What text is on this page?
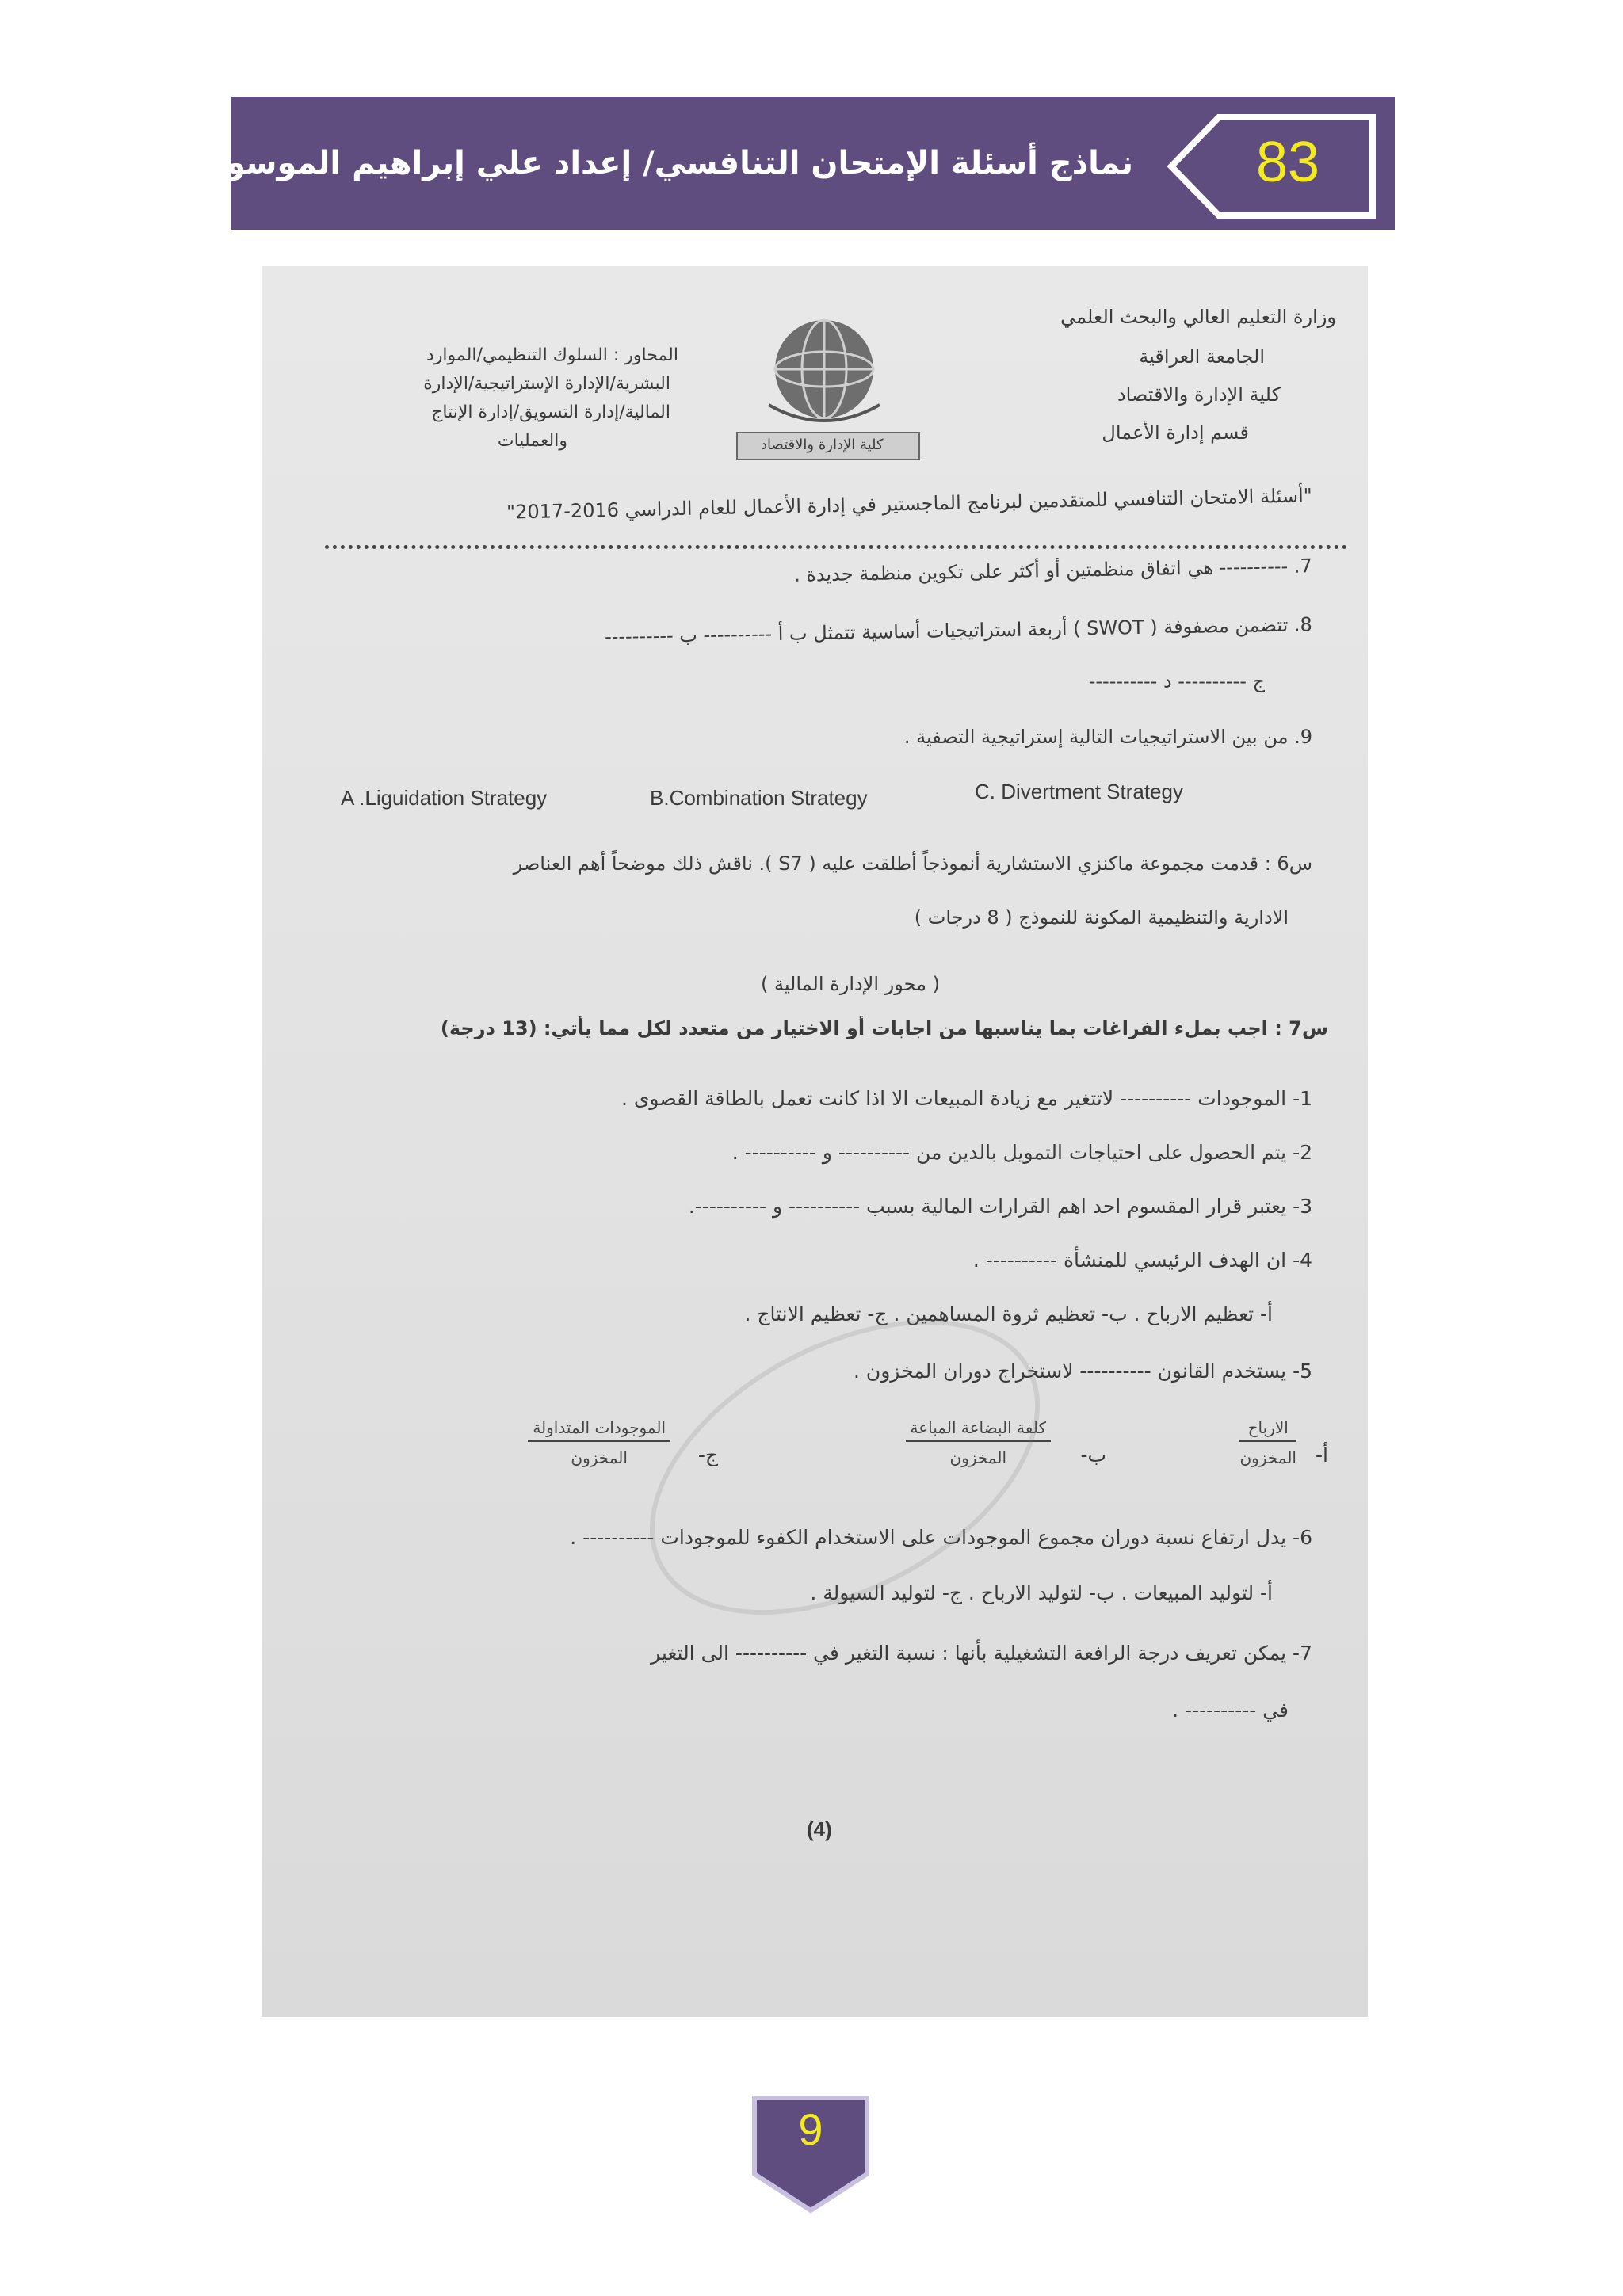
نماذج أسئلة الإمتحان التنافسي/ إعداد علي إبراهيم الموسوي 83
وزارة التعليم العالي والبحث العلمي
الجامعة العراقية
كلية الإدارة والاقتصاد
قسم إدارة الأعمال
المحاور : السلوك التنظيمي/الموارد
البشرية/الإدارة الإستراتيجية/الإدارة
المالية/إدارة التسويق/إدارة الإنتاج
والعمليات	كلية الإدارة والاقتصاد
"أسئلة الامتحان التنافسي للمتقدمين لبرنامج الماجستير في إدارة الأعمال للعام الدراسي 2016-2017"
7. ---------- هي اتفاق منظمتين أو أكثر على تكوين منظمة جديدة .
8. تتضمن مصفوفة ( SWOT ) أربعة استراتيجيات أساسية تتمثل ب أ ---------- ب ----------
ج ---------- د ----------
9. من بين الاستراتيجيات التالية إستراتيجية التصفية .
A .Liguidation Strategy	B.Combination Strategy	C. Divertment Strategy
س6 : قدمت مجموعة ماكنزي الاستشارية أنموذجاً أطلقت عليه ( S7 ). ناقش ذلك موضحاً أهم العناصر
الادارية والتنظيمية المكونة للنموذج ( 8 درجات )
( محور الإدارة المالية )
س7 : اجب بملء الفراغات بما يناسبها من اجابات أو الاختيار من متعدد لكل مما يأتي: (13 درجة)
1- الموجودات ---------- لاتتغير مع زيادة المبيعات الا اذا كانت تعمل بالطاقة القصوى .
2- يتم الحصول على احتياجات التمويل بالدين من ---------- و ---------- .
3- يعتبر قرار المقسوم احد اهم القرارات المالية بسبب ---------- و ----------.
4- ان الهدف الرئيسي للمنشأة ---------- .
أ- تعظيم الارباح . ب- تعظيم ثروة المساهمين . ج- تعظيم الانتاج .
5- يستخدم القانون ---------- لاستخراج دوران المخزون .
أ-
الارباح
المخزون
ب-
كلفة البضاعة المباعة
المخزون
ج-
الموجودات المتداولة
المخزون
6- يدل ارتفاع نسبة دوران مجموع الموجودات على الاستخدام الكفوء للموجودات ---------- .
أ- لتوليد المبيعات . ب- لتوليد الارباح . ج- لتوليد السيولة .
7- يمكن تعريف درجة الرافعة التشغيلية بأنها : نسبة التغير في ---------- الى التغير
في ---------- .
(4)
9
